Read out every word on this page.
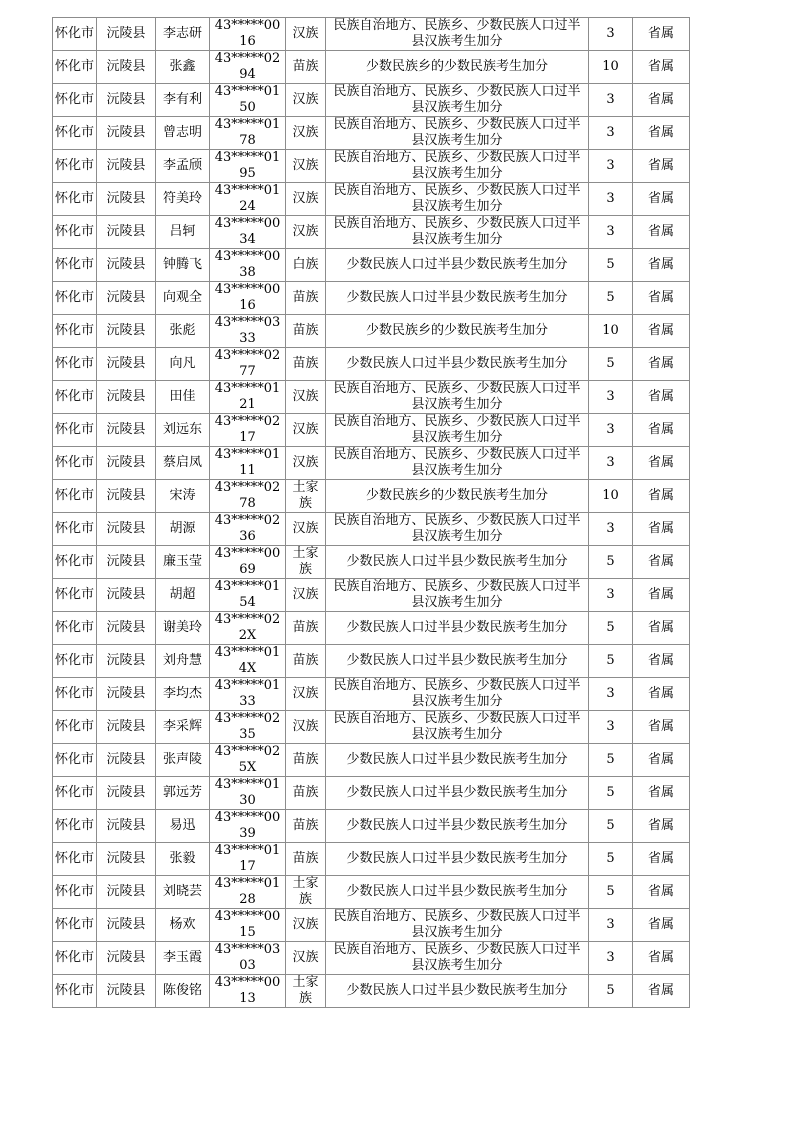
怀化市	沅陵县	李志研	43*****0016	汉族	民族自治地方、民族乡、少数民族人口过半县汉族考生加分	3	省属
怀化市	沅陵县	张鑫	43*****0294	苗族	少数民族乡的少数民族考生加分	10	省属
怀化市	沅陵县	李有利	43*****0150	汉族	民族自治地方、民族乡、少数民族人口过半县汉族考生加分	3	省属
怀化市	沅陵县	曾志明	43*****0178	汉族	民族自治地方、民族乡、少数民族人口过半县汉族考生加分	3	省属
怀化市	沅陵县	李孟颀	43*****0195	汉族	民族自治地方、民族乡、少数民族人口过半县汉族考生加分	3	省属
怀化市	沅陵县	符美玲	43*****0124	汉族	民族自治地方、民族乡、少数民族人口过半县汉族考生加分	3	省属
怀化市	沅陵县	吕轲	43*****0034	汉族	民族自治地方、民族乡、少数民族人口过半县汉族考生加分	3	省属
怀化市	沅陵县	钟腾飞	43*****0038	白族	少数民族人口过半县少数民族考生加分	5	省属
怀化市	沅陵县	向观全	43*****0016	苗族	少数民族人口过半县少数民族考生加分	5	省属
怀化市	沅陵县	张彪	43*****0333	苗族	少数民族乡的少数民族考生加分	10	省属
怀化市	沅陵县	向凡	43*****0277	苗族	少数民族人口过半县少数民族考生加分	5	省属
怀化市	沅陵县	田佳	43*****0121	汉族	民族自治地方、民族乡、少数民族人口过半县汉族考生加分	3	省属
怀化市	沅陵县	刘远东	43*****0217	汉族	民族自治地方、民族乡、少数民族人口过半县汉族考生加分	3	省属
怀化市	沅陵县	蔡启凤	43*****0111	汉族	民族自治地方、民族乡、少数民族人口过半县汉族考生加分	3	省属
怀化市	沅陵县	宋涛	43*****0278	土家族	少数民族乡的少数民族考生加分	10	省属
怀化市	沅陵县	胡源	43*****0236	汉族	民族自治地方、民族乡、少数民族人口过半县汉族考生加分	3	省属
怀化市	沅陵县	廉玉莹	43*****0069	土家族	少数民族人口过半县少数民族考生加分	5	省属
怀化市	沅陵县	胡超	43*****0154	汉族	民族自治地方、民族乡、少数民族人口过半县汉族考生加分	3	省属
怀化市	沅陵县	谢美玲	43*****022X	苗族	少数民族人口过半县少数民族考生加分	5	省属
怀化市	沅陵县	刘舟慧	43*****014X	苗族	少数民族人口过半县少数民族考生加分	5	省属
怀化市	沅陵县	李均杰	43*****0133	汉族	民族自治地方、民族乡、少数民族人口过半县汉族考生加分	3	省属
怀化市	沅陵县	李采辉	43*****0235	汉族	民族自治地方、民族乡、少数民族人口过半县汉族考生加分	3	省属
怀化市	沅陵县	张声陵	43*****025X	苗族	少数民族人口过半县少数民族考生加分	5	省属
怀化市	沅陵县	郭远芳	43*****0130	苗族	少数民族人口过半县少数民族考生加分	5	省属
怀化市	沅陵县	易迅	43*****0039	苗族	少数民族人口过半县少数民族考生加分	5	省属
怀化市	沅陵县	张毅	43*****0117	苗族	少数民族人口过半县少数民族考生加分	5	省属
怀化市	沅陵县	刘晓芸	43*****0128	土家族	少数民族人口过半县少数民族考生加分	5	省属
怀化市	沅陵县	杨欢	43*****0015	汉族	民族自治地方、民族乡、少数民族人口过半县汉族考生加分	3	省属
怀化市	沅陵县	李玉霞	43*****0303	汉族	民族自治地方、民族乡、少数民族人口过半县汉族考生加分	3	省属
怀化市	沅陵县	陈俊铭	43*****0013	土家族	少数民族人口过半县少数民族考生加分	5	省属
